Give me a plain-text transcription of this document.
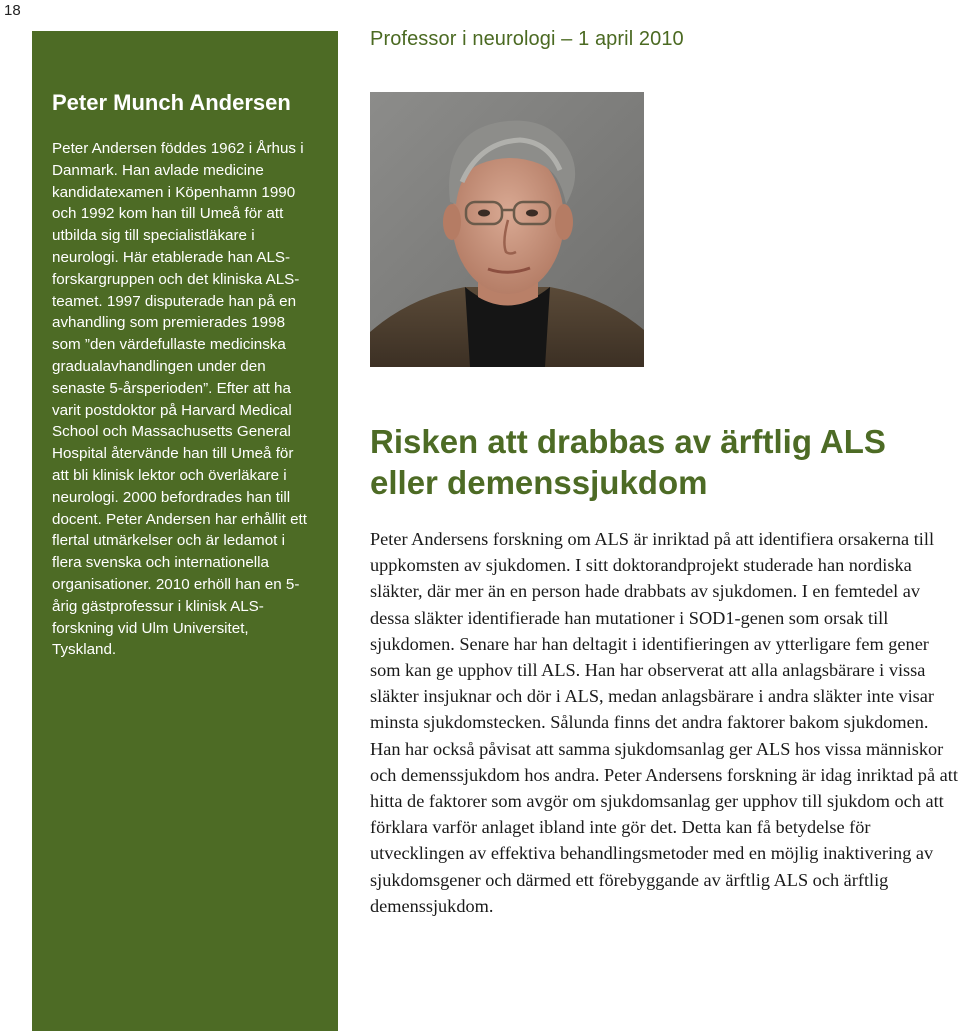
18
Professor i neurologi – 1 april 2010
Peter Munch Andersen

Peter Andersen föddes 1962 i Århus i Danmark. Han avlade medicine kandidatexamen i Köpenhamn 1990 och 1992 kom han till Umeå för att utbilda sig till specialistläkare i neurologi. Här etablerade han ALS-forskargruppen och det kliniska ALS-teamet. 1997 disputerade han på en avhandling som premierades 1998 som ”den värdefullaste medicinska gradualavhandlingen under den senaste 5-årsperioden”. Efter att ha varit postdoktor på Harvard Medical School och Massachusetts General Hospital återvände han till Umeå för att bli klinisk lektor och överläkare i neurologi. 2000 befordrades han till docent. Peter Andersen har erhållit ett flertal utmärkelser och är ledamot i flera svenska och internationella organisationer. 2010 erhöll han en 5-årig gästprofessur i klinisk ALS-forskning vid Ulm Universitet, Tyskland.

Risken att drabbas av ärftlig ALS eller demenssjukdom

Peter Andersens forskning om ALS är inriktad på att identifiera orsakerna till uppkomsten av sjukdomen. I sitt doktorandprojekt studerade han nordiska släkter, där mer än en person hade drabbats av sjukdomen. I en femtedel av dessa släkter identifierade han mutationer i SOD1-genen som orsak till sjukdomen. Senare har han deltagit i identifieringen av ytterligare fem gener som kan ge upphov till ALS. Han har observerat att alla anlagsbärare i vissa släkter insjuknar och dör i ALS, medan anlagsbärare i andra släkter inte visar minsta sjukdomstecken. Sålunda finns det andra faktorer bakom sjukdomen. Han har också påvisat att samma sjukdomsanlag ger ALS hos vissa människor och demenssjukdom hos andra. Peter Andersens forskning är idag inriktad på att hitta de faktorer som avgör om sjukdomsanlag ger upphov till sjukdom och att förklara varför anlaget ibland inte gör det. Detta kan få betydelse för utvecklingen av effektiva behandlingsmetoder med en möjlig inaktivering av sjukdomsgener och därmed ett förebyggande av ärftlig ALS och ärftlig demenssjukdom.
